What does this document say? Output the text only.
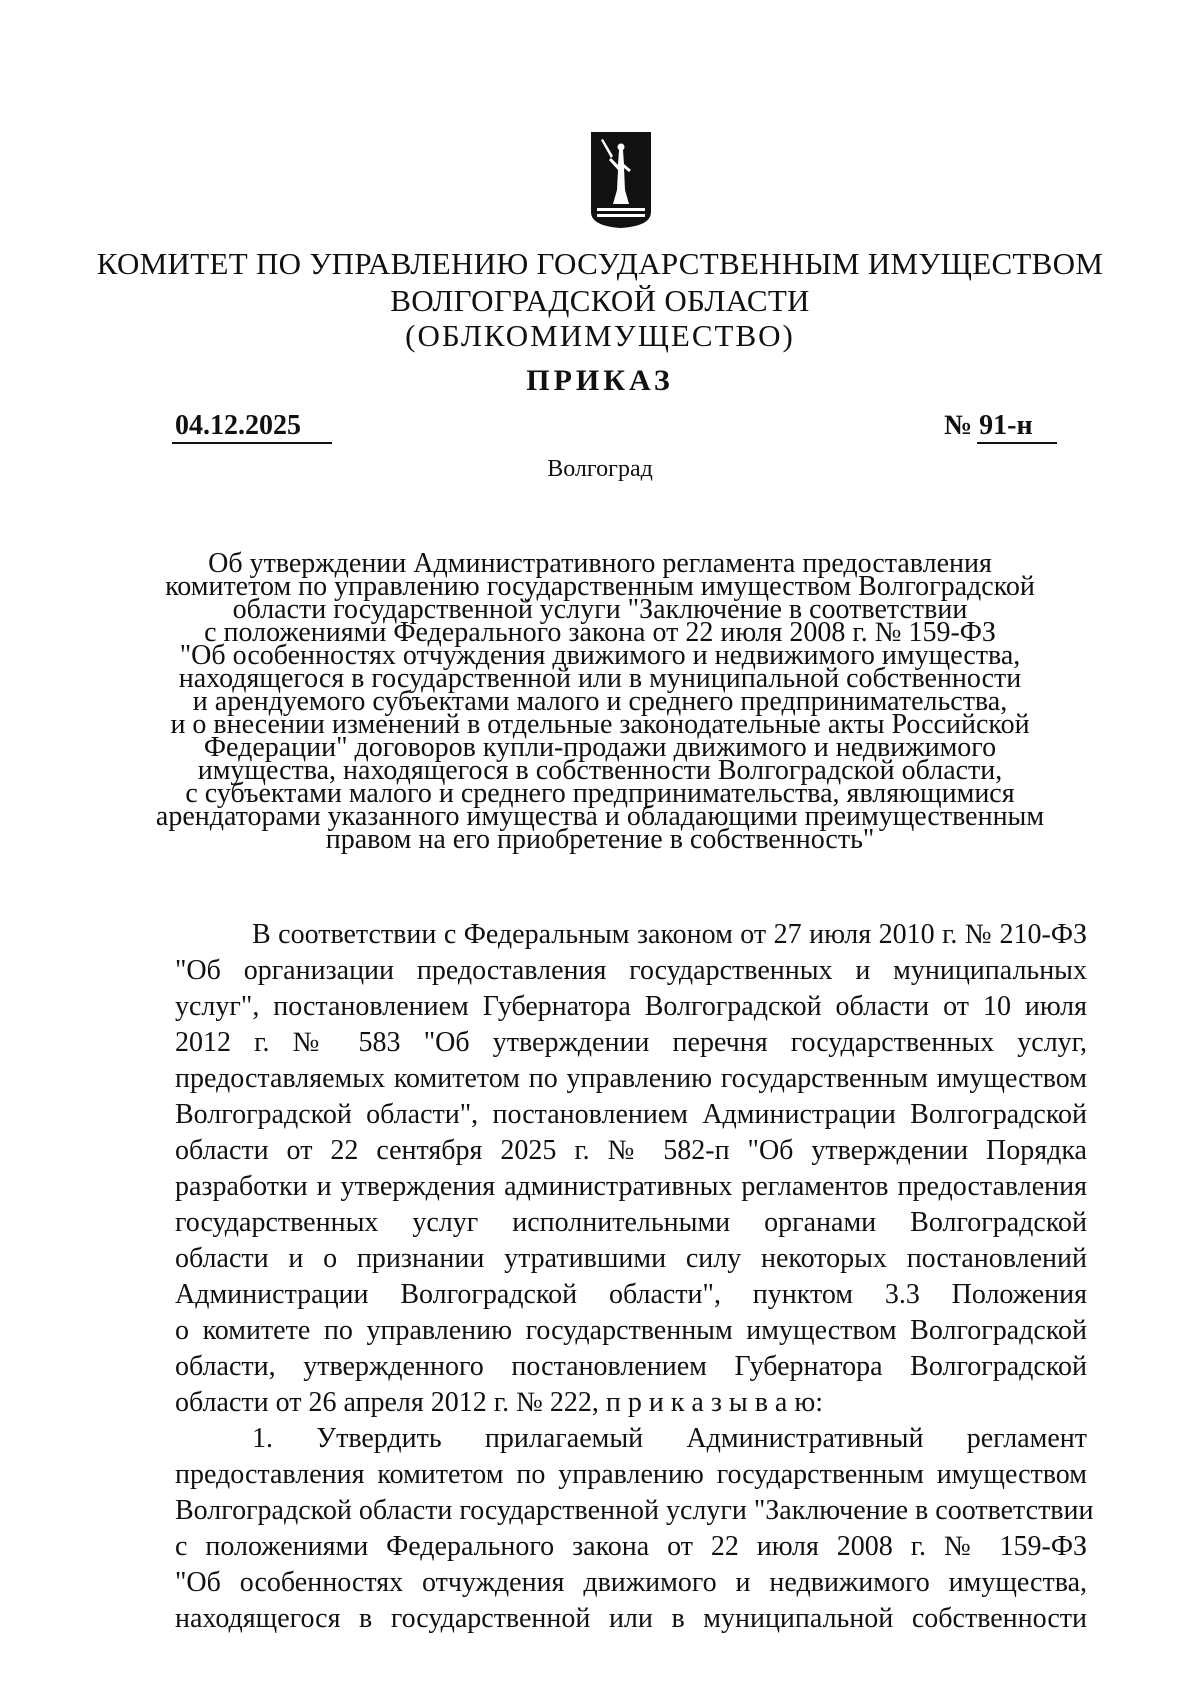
КОМИТЕТ ПО УПРАВЛЕНИЮ ГОСУДАРСТВЕННЫМ ИМУЩЕСТВОМ
ВОЛГОГРАДСКОЙ ОБЛАСТИ
(ОБЛКОМИМУЩЕСТВО)
ПРИКАЗ
04.12.2025	№ 91-н
Волгоград
Об утверждении Административного регламента предоставления
комитетом по управлению государственным имуществом Волгоградской
области государственной услуги "Заключение в соответствии
с положениями Федерального закона от 22 июля 2008 г. № 159-ФЗ
"Об особенностях отчуждения движимого и недвижимого имущества,
находящегося в государственной или в муниципальной собственности
и арендуемого субъектами малого и среднего предпринимательства,
и о внесении изменений в отдельные законодательные акты Российской
Федерации" договоров купли-продажи движимого и недвижимого
имущества, находящегося в собственности Волгоградской области,
с субъектами малого и среднего предпринимательства, являющимися
арендаторами указанного имущества и обладающими преимущественным
правом на его приобретение в собственность"
В соответствии с Федеральным законом от 27 июля 2010 г. № 210-ФЗ
"Об организации предоставления государственных и муниципальных
услуг", постановлением Губернатора Волгоградской области от 10 июля
2012 г. № 583 "Об утверждении перечня государственных услуг,
предоставляемых комитетом по управлению государственным имуществом
Волгоградской области", постановлением Администрации Волгоградской
области от 22 сентября 2025 г. № 582-п "Об утверждении Порядка
разработки и утверждения административных регламентов предоставления
государственных услуг исполнительными органами Волгоградской
области и о признании утратившими силу некоторых постановлений
Администрации Волгоградской области", пунктом 3.3 Положения
о комитете по управлению государственным имуществом Волгоградской
области, утвержденного постановлением Губернатора Волгоградской
области от 26 апреля 2012 г. № 222, п р и к а з ы в а ю:
1. Утвердить прилагаемый Административный регламент
предоставления комитетом по управлению государственным имуществом
Волгоградской области государственной услуги "Заключение в соответствии
с положениями Федерального закона от 22 июля 2008 г. № 159-ФЗ
"Об особенностях отчуждения движимого и недвижимого имущества,
находящегося в государственной или в муниципальной собственности
